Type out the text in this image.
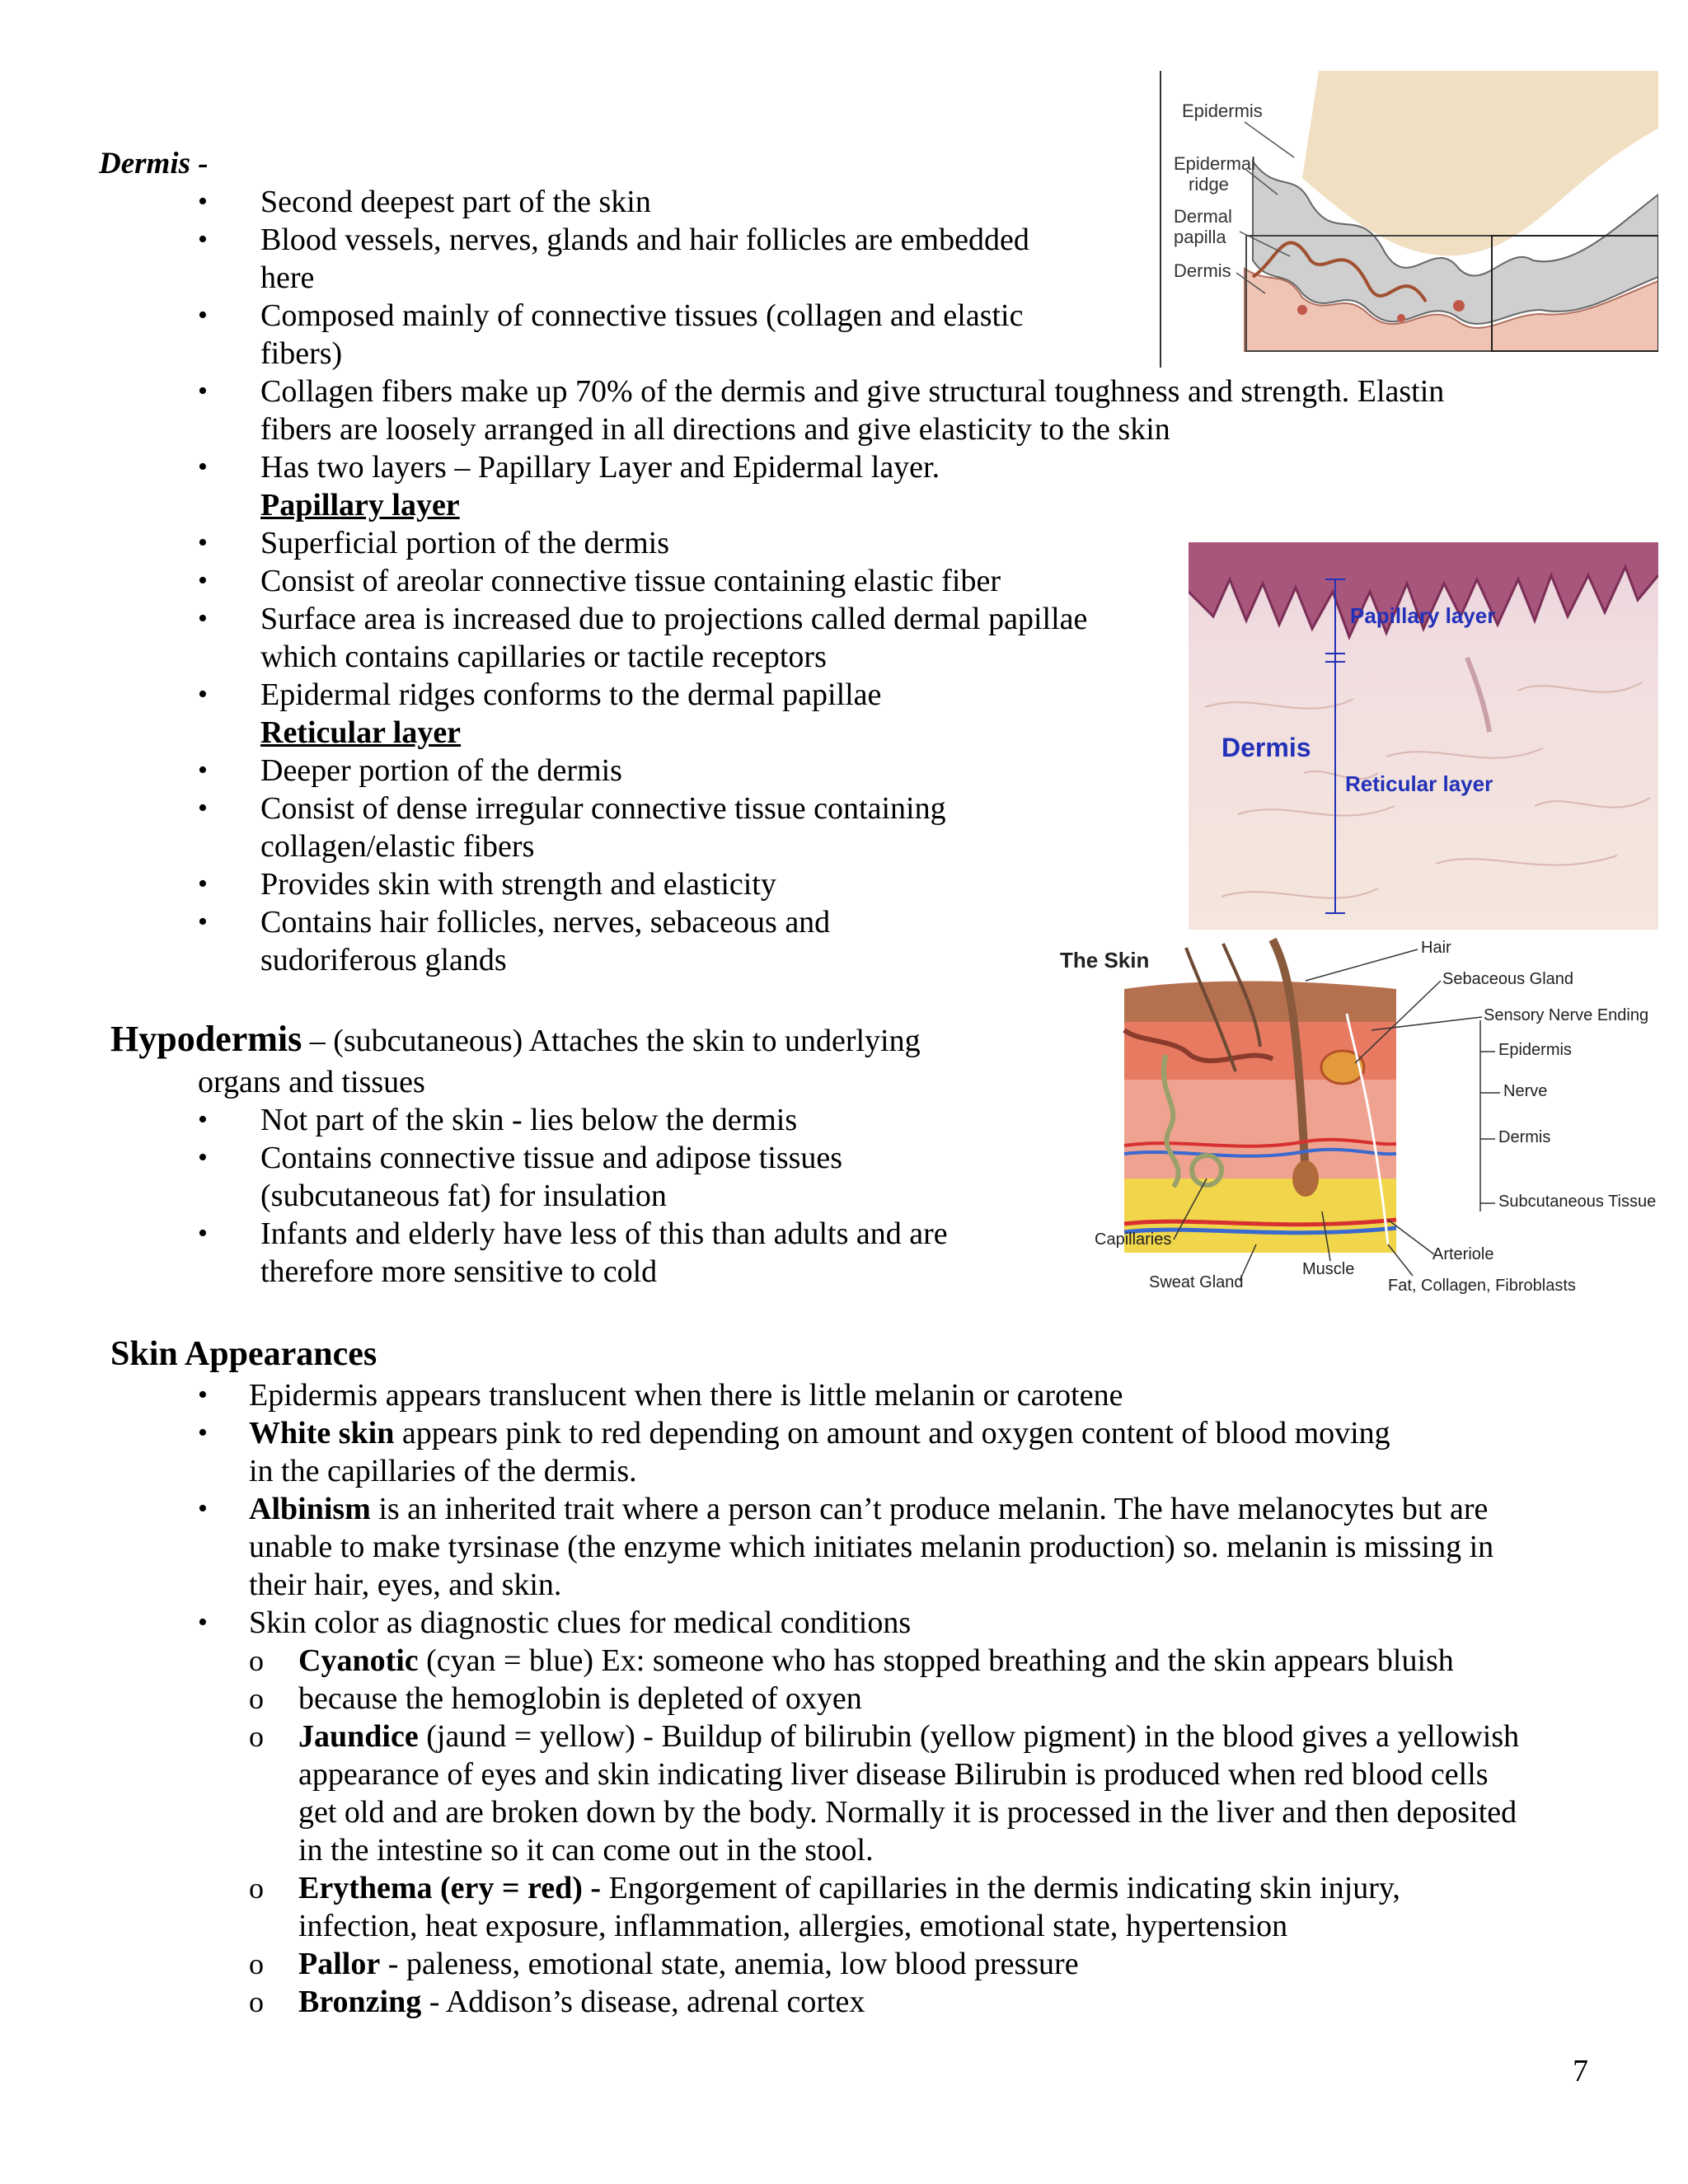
Dermis -
• Second deepest part of the skin
• Blood vessels, nerves, glands and hair follicles are embedded
here
• Composed mainly of connective tissues (collagen and elastic
fibers)
• Collagen fibers make up 70% of the dermis and give structural toughness and strength. Elastin
fibers are loosely arranged in all directions and give elasticity to the skin
• Has two layers – Papillary Layer and Epidermal layer.
Papillary layer
• Superficial portion of the dermis
• Consist of areolar connective tissue containing elastic fiber
• Surface area is increased due to projections called dermal papillae
which contains capillaries or tactile receptors
• Epidermal ridges conforms to the dermal papillae
Reticular layer
• Deeper portion of the dermis
• Consist of dense irregular connective tissue containing
collagen/elastic fibers
• Provides skin with strength and elasticity
• Contains hair follicles, nerves, sebaceous and
sudoriferous glands
Hypodermis – (subcutaneous) Attaches the skin to underlying
organs and tissues
• Not part of the skin - lies below the dermis
• Contains connective tissue and adipose tissues
(subcutaneous fat) for insulation
• Infants and elderly have less of this than adults and are
therefore more sensitive to cold
Skin Appearances
• Epidermis appears translucent when there is little melanin or carotene
• White skin appears pink to red depending on amount and oxygen content of blood moving
in the capillaries of the dermis.
• Albinism is an inherited trait where a person can’t produce melanin. The have melanocytes but are
unable to make tyrsinase (the enzyme which initiates melanin production) so. melanin is missing in
their hair, eyes, and skin.
• Skin color as diagnostic clues for medical conditions
o Cyanotic (cyan = blue) Ex: someone who has stopped breathing and the skin appears bluish
o because the hemoglobin is depleted of oxyen
o Jaundice (jaund = yellow) - Buildup of bilirubin (yellow pigment) in the blood gives a yellowish
appearance of eyes and skin indicating liver disease Bilirubin is produced when red blood cells
get old and are broken down by the body. Normally it is processed in the liver and then deposited
in the intestine so it can come out in the stool.
o Erythema (ery = red) - Engorgement of capillaries in the dermis indicating skin injury,
infection, heat exposure, inflammation, allergies, emotional state, hypertension
o Pallor - paleness, emotional state, anemia, low blood pressure
o Bronzing - Addison’s disease, adrenal cortex
7
Epidermis
Epidermal
ridge
Dermal
papilla
Dermis
Papillary layer
Dermis
Reticular layer
The Skin	Hair
Sebaceous Gland
Sensory Nerve Ending
Epidermis
Nerve
Dermis
Subcutaneous Tissue
Capillaries
Arteriole
Sweat Gland
Muscle
Fat, Collagen, Fibroblasts
